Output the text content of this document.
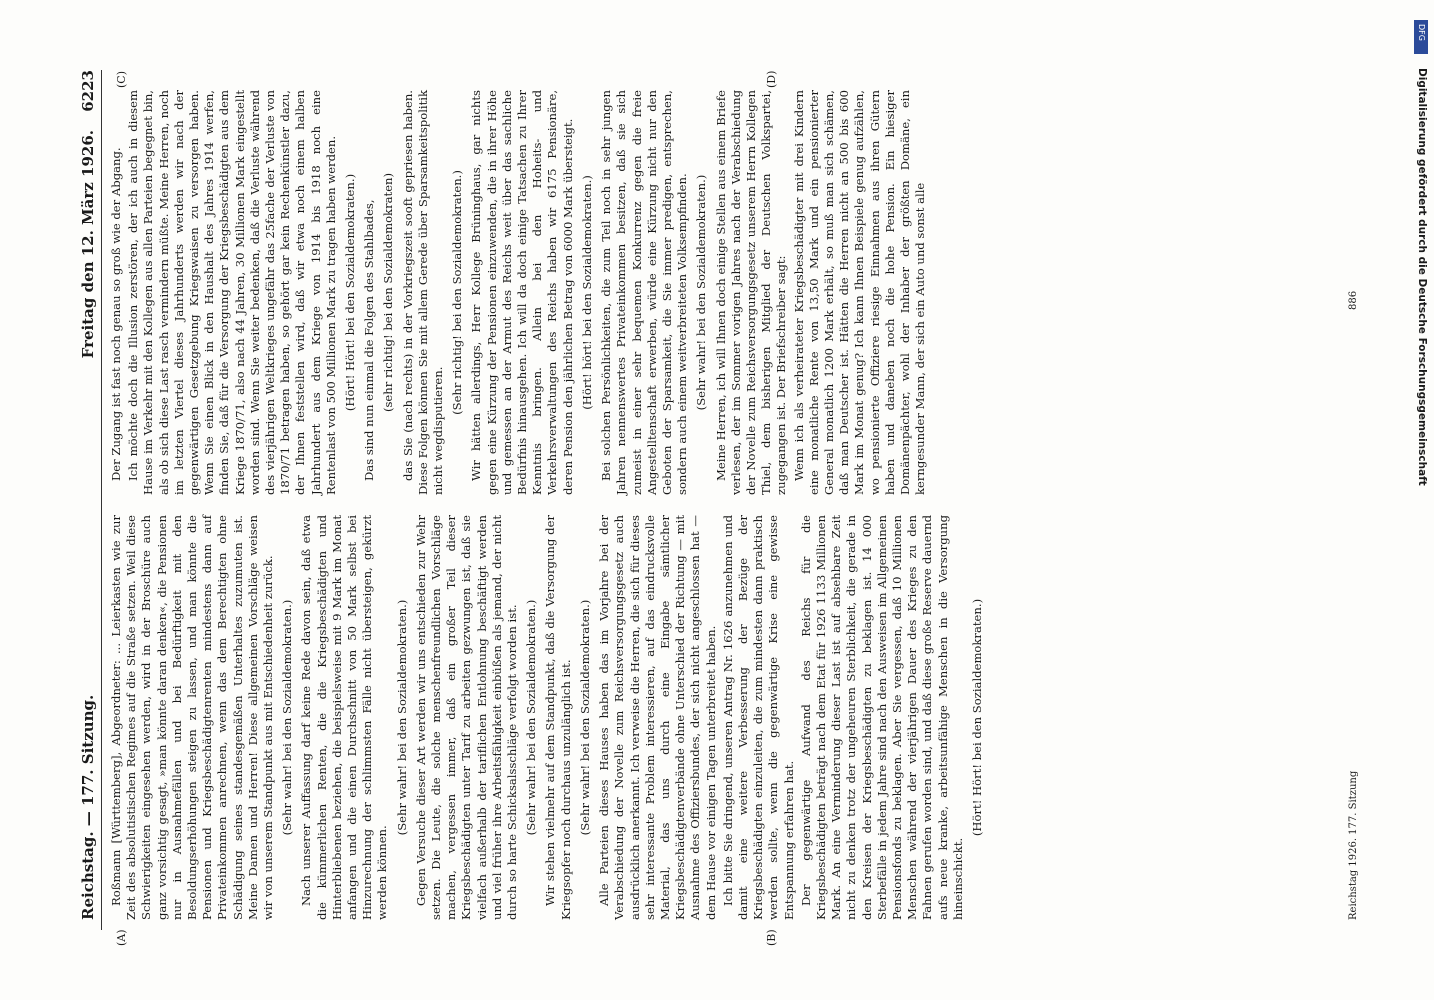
Reichstag. — 177. Sitzung.
Freitag den 12. März 1926.
6223
(A)	(B)
(C)	(D)

Roßmann [Württemberg], Abgeordneter: ... Leierkasten wie zur Zeit des absolutistischen Regimes auf die Straße setzen. Weil diese Schwierigkeiten eingesehen werden, wird in der Broschüre auch ganz vorsichtig gesagt, »man könnte daran denken«, die Pensionen nur in Ausnahmefällen und bei Bedürftigkeit mit den Besoldungserhöhungen steigen zu lassen, und man könnte die Pensionen und Kriegsbeschädigtenrenten mindestens dann auf Privateinkommen anrechnen, wenn das dem Berechtigten ohne Schädigung seines standesgemäßen Unterhaltes zuzumuten ist. Meine Damen und Herren! Diese allgemeinen Vorschläge weisen wir von unserem Standpunkt aus mit Entschiedenheit zurück. (Sehr wahr! bei den Sozialdemokraten.) Nach unserer Auffassung darf keine Rede davon sein, daß etwa die kümmerlichen Renten, die die Kriegsbeschädigten und Hinterbliebenen beziehen, die beispielsweise mit 9 Mark im Monat anfangen und die einen Durchschnitt von 50 Mark selbst bei Hinzurechnung der schlimmsten Fälle nicht übersteigen, gekürzt werden können.

(Sehr wahr! bei den Sozialdemokraten.) Gegen Versuche dieser Art werden wir uns entschieden zur Wehr setzen. Die Leute, die solche menschenfreundlichen Vorschläge machen, vergessen immer, daß ein großer Teil dieser Kriegsbeschädigten unter Tarif zu arbeiten gezwungen ist, daß sie vielfach außerhalb der tariflichen Entlohnung beschäftigt werden und viel früher ihre Arbeitsfähigkeit einbüßen als jemand, der nicht durch so harte Schicksalsschläge verfolgt worden ist. (Sehr wahr! bei den Sozialdemokraten.) Wir stehen vielmehr auf dem Standpunkt, daß die Versorgung der Kriegsopfer noch durchaus unzulänglich ist. (Sehr wahr! bei den Sozialdemokraten.) Alle Parteien dieses Hauses haben das im Vorjahre bei der Verabschiedung der Novelle zum Reichsversorgungsgesetz auch ausdrücklich anerkannt. Ich verweise die Herren, die sich für dieses sehr interessante Problem interessieren, auf das eindrucksvolle Material, das uns durch eine Eingabe sämtlicher Kriegsbeschädigtenverbände ohne Unterschied der Richtung — mit Ausnahme des Offiziersbundes, der sich nicht angeschlossen hat — dem Hause vor einigen Tagen unterbreitet haben. Ich bitte Sie dringend, unseren Antrag Nr. 1626 anzunehmen und damit eine weitere Verbesserung der Bezüge der Kriegsbeschädigten einzuleiten, die zum mindesten dann praktisch werden sollte, wenn die gegenwärtige Krise eine gewisse Entspannung erfahren hat. Der gegenwärtige Aufwand des Reichs für die Kriegsbeschädigten beträgt nach dem Etat für 1926 1133 Millionen Mark. An eine Verminderung dieser Last ist auf absehbare Zeit nicht zu denken trotz der ungeheuren Sterblichkeit, die gerade in den Kreisen der Kriegsbeschädigten zu beklagen ist. 14 000 Sterbefälle in jedem Jahre sind nach den Ausweisen im Allgemeinen Pensionsfonds zu beklagen. Aber Sie vergessen, daß 10 Millionen Menschen während der vierjährigen Dauer des Krieges zu den Fahnen gerufen worden sind, und daß diese große Reserve dauernd aufs neue kranke, arbeitsunfähige Menschen in die Versorgung hineinschickt.

(Hört! Hört! bei den Sozialdemokraten.)

Der Zugang ist fast noch genau so groß wie der Abgang. Ich möchte doch die Illusion zerstören, der ich auch in diesem Hause im Verkehr mit den Kollegen aus allen Parteien begegnet bin, als ob sich diese Last rasch vermindern müßte. Meine Herren, noch im letzten Viertel dieses Jahrhunderts werden wir nach der gegenwärtigen Gesetzgebung Kriegswaisen zu versorgen haben. Wenn Sie einen Blick in den Haushalt des Jahres 1914 werfen, finden Sie, daß für die Versorgung der Kriegsbeschädigten aus dem Kriege 1870/71, also nach 44 Jahren, 30 Millionen Mark eingestellt worden sind. Wenn Sie weiter bedenken, daß die Verluste während des vierjährigen Weltkrieges ungefähr das 25fache der Verluste von 1870/71 betragen haben, so gehört gar kein Rechenkünstler dazu, der Ihnen feststellen wird, daß wir etwa noch einem halben Jahrhundert aus dem Kriege von 1914 bis 1918 noch eine Rentenlast von 500 Millionen Mark zu tragen haben werden. (Hört! Hört! bei den Sozialdemokraten.) Das sind nun einmal die Folgen des Stahlbades, (sehr richtig! bei den Sozialdemokraten) das Sie (nach rechts) in der Vorkriegszeit sooft gepriesen haben. Diese Folgen können Sie mit allem Gerede über Sparsamkeitspolitik nicht wegdisputieren.

(Sehr richtig! bei den Sozialdemokraten.) Wir hätten allerdings, Herr Kollege Brüninghaus, gar nichts gegen eine Kürzung der Pensionen einzuwenden, die in ihrer Höhe und gemessen an der Armut des Reichs weit über das sachliche Bedürfnis hinausgehen. Ich will da doch einige Tatsachen zu Ihrer Kenntnis bringen. Allein bei den Hoheits- und Verkehrsverwaltungen des Reichs haben wir 6175 Pensionäre, deren Pension den jährlichen Betrag von 6000 Mark übersteigt. (Hört! hört! bei den Sozialdemokraten.) Bei solchen Persönlichkeiten, die zum Teil noch in sehr jungen Jahren nennenswertes Privateinkommen besitzen, daß sie sich zumeist in einer sehr bequemen Konkurrenz gegen die freie Angestelltenschaft erwerben, würde eine Kürzung nicht nur den Geboten der Sparsamkeit, die Sie immer predigen, entsprechen, sondern auch einem weitverbreiteten Volksempfinden. (Sehr wahr! bei den Sozialdemokraten.) Meine Herren, ich will Ihnen doch einige Stellen aus einem Briefe verlesen, der im Sommer vorigen Jahres nach der Verabschiedung der Novelle zum Reichsversorgungsgesetz unserem Herrn Kollegen Thiel, dem bisherigen Mitglied der Deutschen Volkspartei, zugegangen ist. Der Briefschreiber sagt: Wenn ich als verheirateter Kriegsbeschädigter mit drei Kindern eine monatliche Rente von 13,50 Mark und ein pensionierter General monatlich 1200 Mark erhält, so muß man sich schämen, daß man Deutscher ist. Hätten die Herren nicht an 500 bis 600 Mark im Monat genug? Ich kann Ihnen Beispiele genug aufzählen, wo pensionierte Offiziere riesige Einnahmen aus ihren Gütern haben und daneben noch die hohe Pension. Ein hiesiger Domänenpächter, wohl der Inhaber der größten Domäne, ein kerngesunder Mann, der sich ein Auto und sonst alle

Reichstag 1926. 177. Sitzung
886
DFG
Digitalisierung gefördert durch die Deutsche Forschungsgemeinschaft
